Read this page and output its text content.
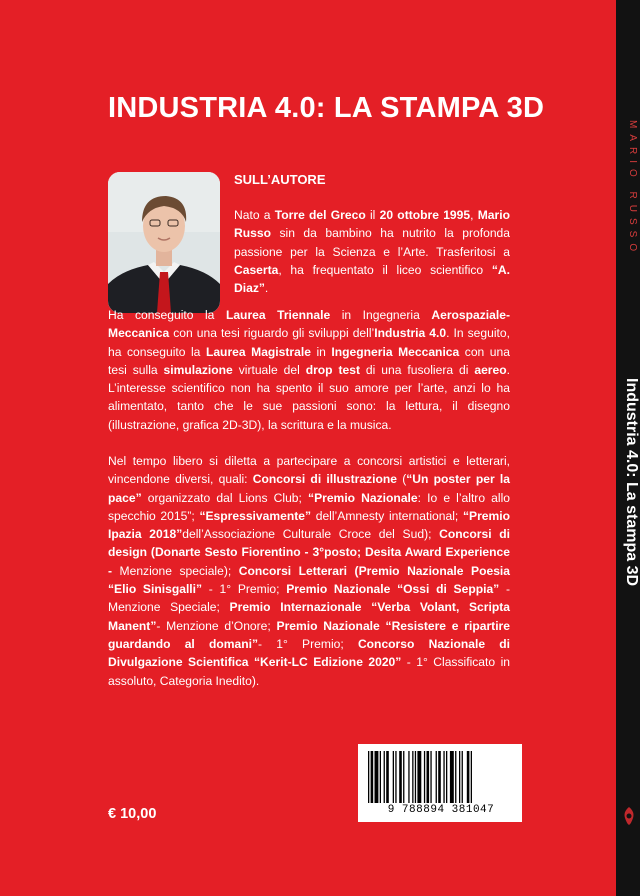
INDUSTRIA 4.0: LA STAMPA 3D
SULL’AUTORE

Nato a Torre del Greco il 20 ottobre 1995, Mario Russo sin da bambino ha nutrito la profonda passione per la Scienza e l’Arte. Trasferitosi a Caserta, ha frequentato il liceo scientifico “A. Diaz”.

Ha conseguito la Laurea Triennale in Ingegneria Aerospaziale-Meccanica con una tesi riguardo gli sviluppi dell’Industria 4.0. In seguito, ha conseguito la Laurea Magistrale in Ingegneria Meccanica con una tesi sulla simulazione virtuale del drop test di una fusoliera di aereo. L’interesse scientifico non ha spento il suo amore per l’arte, anzi lo ha alimentato, tanto che le sue passioni sono: la lettura, il disegno (illustrazione, grafica 2D-3D), la scrittura e la musica.

Nel tempo libero si diletta a partecipare a concorsi artistici e letterari, vincendone diversi, quali: Concorsi di illustrazione (“Un poster per la pace” organizzato dal Lions Club; “Premio Nazionale: Io e l’altro allo specchio 2015”; “Espressivamente” dell’Amnesty international; “Premio Ipazia 2018”dell’Associazione Culturale Croce del Sud); Concorsi di design (Donarte Sesto Fiorentino - 3°posto; Desita Award Experience - Menzione speciale); Concorsi Letterari (Premio Nazionale Poesia “Elio Sinisgalli” - 1° Premio; Premio Nazionale “Ossi di Seppia” - Menzione Speciale; Premio Internazionale “Verba Volant, Scripta Manent”- Menzione d’Onore; Premio Nazionale “Resistere e ripartire guardando al domani”- 1° Premio; Concorso Nazionale di Divulgazione Scientifica “Kerit-LC Edizione 2020” - 1° Classificato in assoluto, Categoria Inedito).

9 788894 381047
€ 10,00
MARIO RUSSO
Industria 4.0: La stampa 3D
